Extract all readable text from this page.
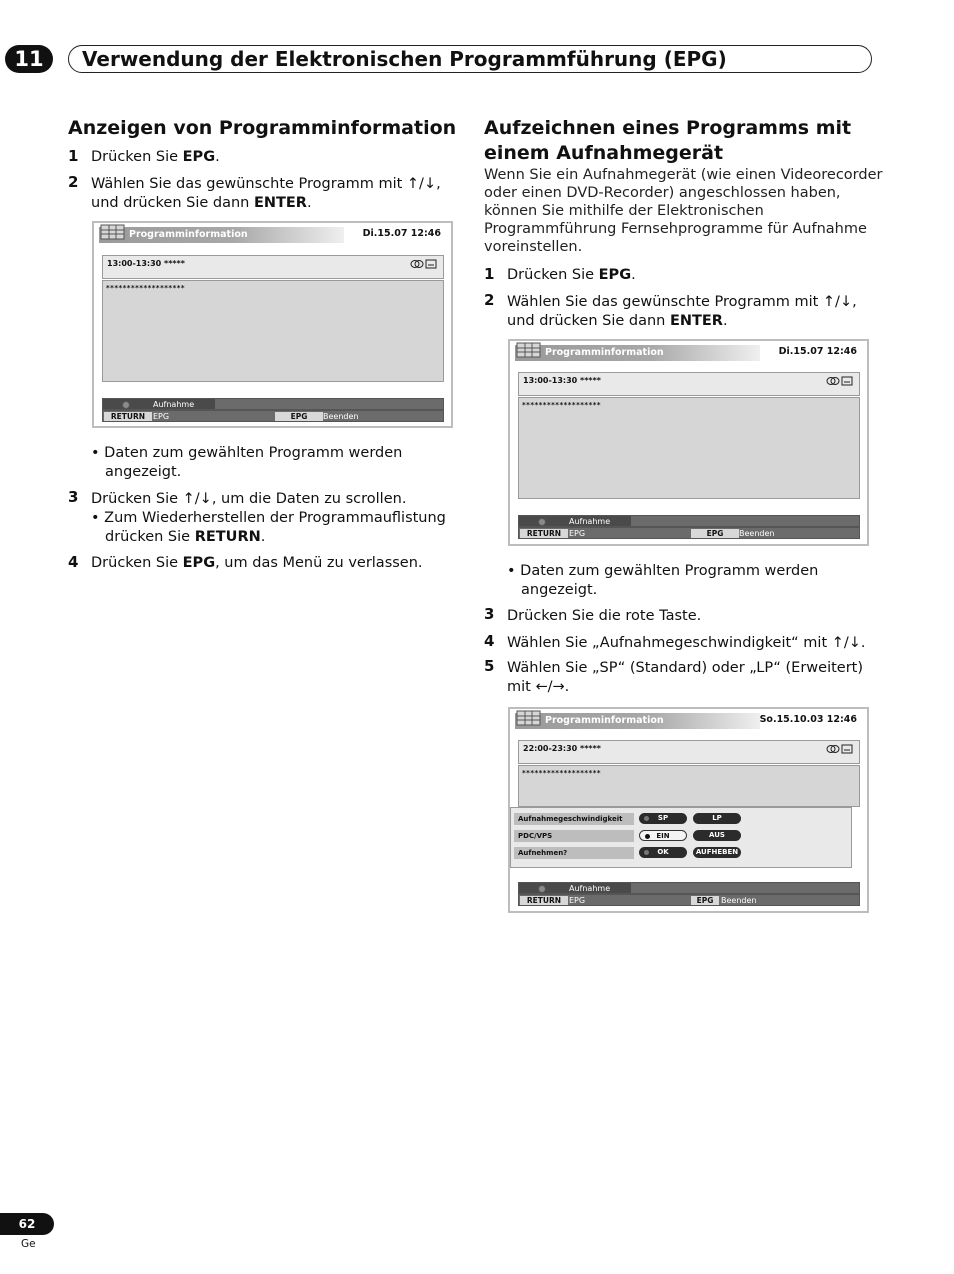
11	Verwendung der Elektronischen Programmführung (EPG)
Anzeigen von Programminformation
1 Drücken Sie EPG.
2 Wählen Sie das gewünschte Programm mit ↑/↓,
und drücken Sie dann ENTER.
Programminformation	Di.15.07 12:46
13:00-13:30 *****
*******************
Aufnahme
RETURN EPG	EPG	Beenden
• Daten zum gewählten Programm werden
angezeigt.
3 Drücken Sie ↑/↓, um die Daten zu scrollen.
• Zum Wiederherstellen der Programmauflistung
drücken Sie RETURN.
4 Drücken Sie EPG, um das Menü zu verlassen.
Aufzeichnen eines Programms mit
einem Aufnahmegerät
Wenn Sie ein Aufnahmegerät (wie einen Videorecorder
oder einen DVD-Recorder) angeschlossen haben,
können Sie mithilfe der Elektronischen
Programmführung Fernsehprogramme für Aufnahme
voreinstellen.
1 Drücken Sie EPG.
2 Wählen Sie das gewünschte Programm mit ↑/↓,
und drücken Sie dann ENTER.
Programminformation	Di.15.07 12:46
13:00-13:30 *****
*******************
Aufnahme
RETURN EPG	EPG	Beenden
• Daten zum gewählten Programm werden
angezeigt.
3 Drücken Sie die rote Taste.
4 Wählen Sie „Aufnahmegeschwindigkeit“ mit ↑/↓.
5 Wählen Sie „SP“ (Standard) oder „LP“ (Erweitert)
mit ←/→.
Programminformation	So.15.10.03 12:46
22:00-23:30 *****
*******************
Aufnahmegeschwindigkeit	SP	LP
PDC/VPS	EIN	AUS
Aufnehmen?	OK	AUFHEBEN
Aufnahme
RETURN EPG	EPG Beenden
62
Ge
